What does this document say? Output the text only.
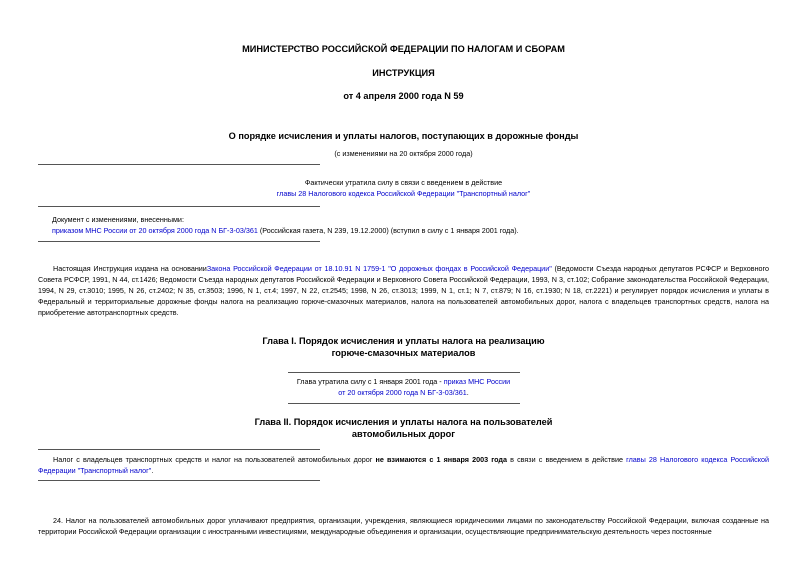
МИНИСТЕРСТВО РОССИЙСКОЙ ФЕДЕРАЦИИ ПО НАЛОГАМ И СБОРАМ
ИНСТРУКЦИЯ
от 4 апреля 2000 года N 59
О порядке исчисления и уплаты налогов, поступающих в дорожные фонды
(с изменениями на 20 октября 2000 года)
Фактически утратила силу в связи с введением в действие
главы 28 Налогового кодекса Российской Федерации "Транспортный налог"
Документ с изменениями, внесенными:
приказом МНС России от 20 октября 2000 года N БГ-3-03/361 (Российская газета, N 239, 19.12.2000) (вступил в силу с 1 января 2001 года).
Настоящая Инструкция издана на основанииЗакона Российской Федерации от 18.10.91 N 1759-1 "О дорожных фондах в Российской Федерации" (Ведомости Съезда народных депутатов РСФСР и Верховного Совета РСФСР, 1991, N 44, ст.1426; Ведомости Съезда народных депутатов Российской Федерации и Верховного Совета Российской Федерации, 1993, N 3, ст.102; Собрание законодательства Российской Федерации, 1994, N 29, ст.3010; 1995, N 26, ст.2402; N 35, ст.3503; 1996, N 1, ст.4; 1997, N 22, ст.2545; 1998, N 26, ст.3013; 1999, N 1, ст.1; N 7, ст.879; N 16, ст.1930; N 18, ст.2221) и регулирует порядок исчисления и уплаты в Федеральный и территориальные дорожные фонды налога на реализацию горюче-смазочных материалов, налога на пользователей автомобильных дорог, налога с владельцев транспортных средств, налога на приобретение автотранспортных средств.
Глава I. Порядок исчисления и уплаты налога на реализацию
горюче-смазочных материалов
Глава утратила силу с 1 января 2001 года - приказ МНС России
от 20 октября 2000 года N БГ-3-03/361.
Глава II. Порядок исчисления и уплаты налога на пользователей
автомобильных дорог
Налог с владельцев транспортных средств и налог на пользователей автомобильных дорог не взимаются с 1 января 2003 года в связи с введением в действие главы 28 Налогового кодекса Российской Федерации "Транспортный налог".
24. Налог на пользователей автомобильных дорог уплачивают предприятия, организации, учреждения, являющиеся юридическими лицами по законодательству Российской Федерации, включая созданные на территории Российской Федерации организации с иностранными инвестициями, международные объединения и организации, осуществляющие предпринимательскую деятельность через постоянные
